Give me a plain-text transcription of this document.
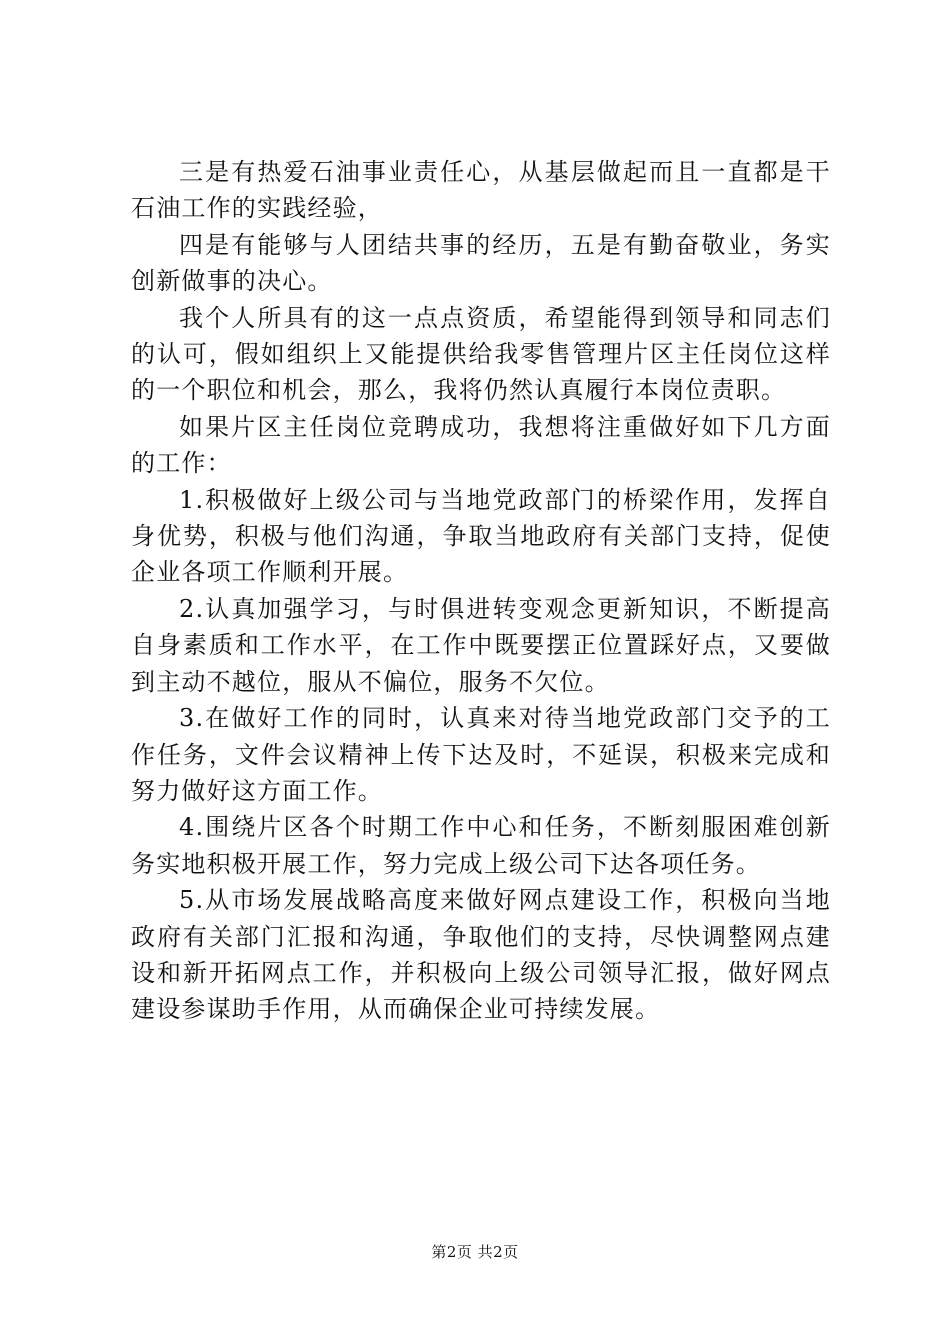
三是有热爱石油事业责任心，从基层做起而且一直都是干石油工作的实践经验，

四是有能够与人团结共事的经历，五是有勤奋敬业，务实创新做事的决心。

我个人所具有的这一点点资质，希望能得到领导和同志们的认可，假如组织上又能提供给我零售管理片区主任岗位这样的一个职位和机会，那么，我将仍然认真履行本岗位责职。

如果片区主任岗位竞聘成功，我想将注重做好如下几方面的工作：

1.积极做好上级公司与当地党政部门的桥梁作用，发挥自身优势，积极与他们沟通，争取当地政府有关部门支持，促使企业各项工作顺利开展。

2.认真加强学习，与时俱进转变观念更新知识，不断提高自身素质和工作水平，在工作中既要摆正位置踩好点，又要做到主动不越位，服从不偏位，服务不欠位。

3.在做好工作的同时，认真来对待当地党政部门交予的工作任务，文件会议精神上传下达及时，不延误，积极来完成和努力做好这方面工作。

4.围绕片区各个时期工作中心和任务，不断刻服困难创新务实地积极开展工作，努力完成上级公司下达各项任务。

5.从市场发展战略高度来做好网点建设工作，积极向当地政府有关部门汇报和沟通，争取他们的支持，尽快调整网点建设和新开拓网点工作，并积极向上级公司领导汇报，做好网点建设参谋助手作用，从而确保企业可持续发展。

第2页 共2页
